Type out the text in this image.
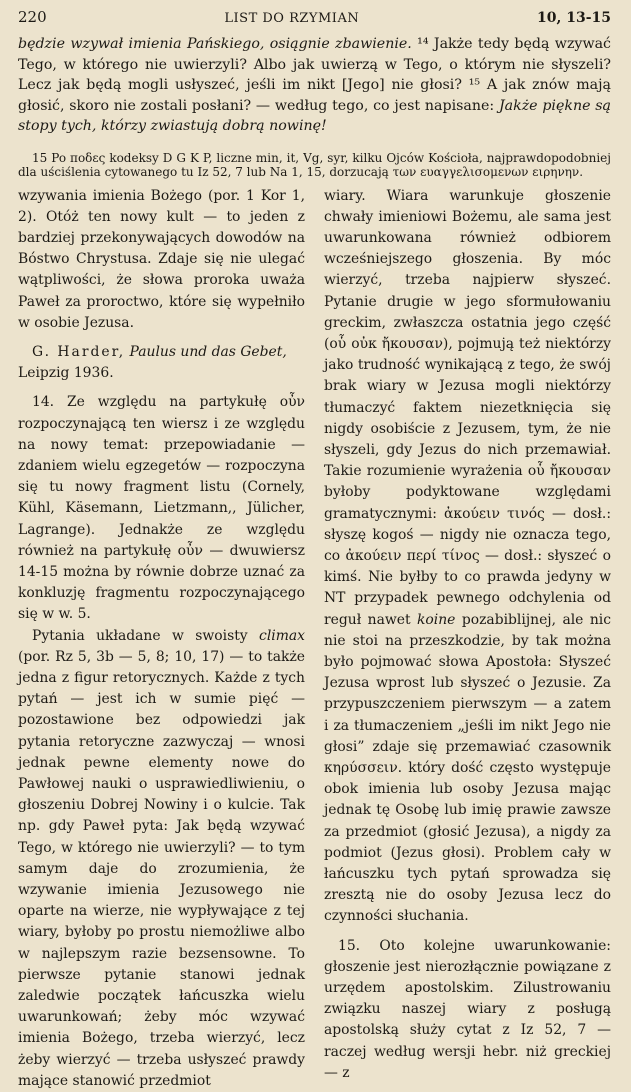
220	LIST DO RZYMIAN	10, 13-15

będzie wzywał imienia Pańskiego, osiągnie zbawienie. ¹⁴ Jakże tedy będą wzywać Tego, w którego nie uwierzyli? Albo jak uwierzą w Tego, o którym nie słyszeli? Lecz jak będą mogli usłyszeć, jeśli im nikt [Jego] nie głosi? ¹⁵ A jak znów mają głosić, skoro nie zostali posłani? — według tego, co jest napisane: Jakże piękne są stopy tych, którzy zwiastują dobrą nowinę!

15 Po ποδες kodeksy D G K P, liczne min, it, Vg, syr, kilku Ojców Kościoła, najprawdopodobniej dla uściślenia cytowanego tu Iz 52, 7 lub Na 1, 15, dorzucają των ευαγγελισομενων ειρηνην.

wzywania imienia Bożego (por. 1 Kor 1, 2). Otóż ten nowy kult — to jeden z bardziej przekonywających dowodów na Bóstwo Chrystusa. Zdaje się nie ulegać wątpliwości, że słowa proroka uważa Paweł za proroctwo, które się wypełniło w osobie Jezusa.

G. Harder, Paulus und das Gebet,
Leipzig 1936.

14. Ze względu na partykułę οὖν rozpoczynającą ten wiersz i ze względu na nowy temat: przepowiadanie — zdaniem wielu egzegetów — rozpoczyna się tu nowy fragment listu (Cornely, Kühl, Käsemann, Lietzmann,, Jülicher, Lagrange). Jednakże ze względu również na partykułę οὖν — dwuwiersz 14-15 można by równie dobrze uznać za konkluzję fragmentu rozpoczynającego się w w. 5.

Pytania układane w swoisty climax (por. Rz 5, 3b — 5, 8; 10, 17) — to także jedna z figur retorycznych. Każde z tych pytań — jest ich w sumie pięć — pozostawione bez odpowiedzi jak pytania retoryczne zazwyczaj — wnosi jednak pewne elementy nowe do Pawłowej nauki o usprawiedliwieniu, o głoszeniu Dobrej Nowiny i o kulcie. Tak np. gdy Paweł pyta: Jak będą wzywać Tego, w którego nie uwierzyli? — to tym samym daje do zrozumienia, że wzywanie imienia Jezusowego nie oparte na wierze, nie wypływające z tej wiary, byłoby po prostu niemożliwe albo w najlepszym razie bezsensowne. To pierwsze pytanie stanowi jednak zaledwie początek łańcuszka wielu uwarunkowań; żeby móc wzywać imienia Bożego, trzeba wierzyć, lecz żeby wierzyć — trzeba usłyszeć prawdy mające stanowić przedmiot

wiary. Wiara warunkuje głoszenie chwały imieniowi Bożemu, ale sama jest uwarunkowana również odbiorem wcześniejszego głoszenia. By móc wierzyć, trzeba najpierw słyszeć. Pytanie drugie w jego sformułowaniu greckim, zwłaszcza ostatnia jego część (οὗ οὐκ ἤκουσαν), pojmują też niektórzy jako trudność wynikającą z tego, że swój brak wiary w Jezusa mogli niektórzy tłumaczyć faktem niezetknięcia się nigdy osobiście z Jezusem, tym, że nie słyszeli, gdy Jezus do nich przemawiał. Takie rozumienie wyrażenia οὗ ἤκουσαν byłoby podyktowane względami gramatycznymi: ἀκούειν τινός — dosł.: słyszę kogoś — nigdy nie oznacza tego, co ἀκούειν περί τίνος — dosł.: słyszeć o kimś. Nie byłby to co prawda jedyny w NT przypadek pewnego odchylenia od reguł nawet koine pozabiblijnej, ale nic nie stoi na przeszkodzie, by tak można było pojmować słowa Apostoła: Słyszeć Jezusa wprost lub słyszeć o Jezusie. Za przypuszczeniem pierwszym — a zatem i za tłumaczeniem „jeśli im nikt Jego nie głosi” zdaje się przemawiać czasownik κηρύσσειν. który dość często występuje obok imienia lub osoby Jezusa mając jednak tę Osobę lub imię prawie zawsze za przedmiot (głosić Jezusa), a nigdy za podmiot (Jezus głosi). Problem cały w łańcuszku tych pytań sprowadza się zresztą nie do osoby Jezusa lecz do czynności słuchania.

15. Oto kolejne uwarunkowanie: głoszenie jest nierozłącznie powiązane z urzędem apostolskim. Zilustrowaniu związku naszej wiary z posługą apostolską służy cytat z Iz 52, 7 — raczej według wersji hebr. niż greckiej — z
